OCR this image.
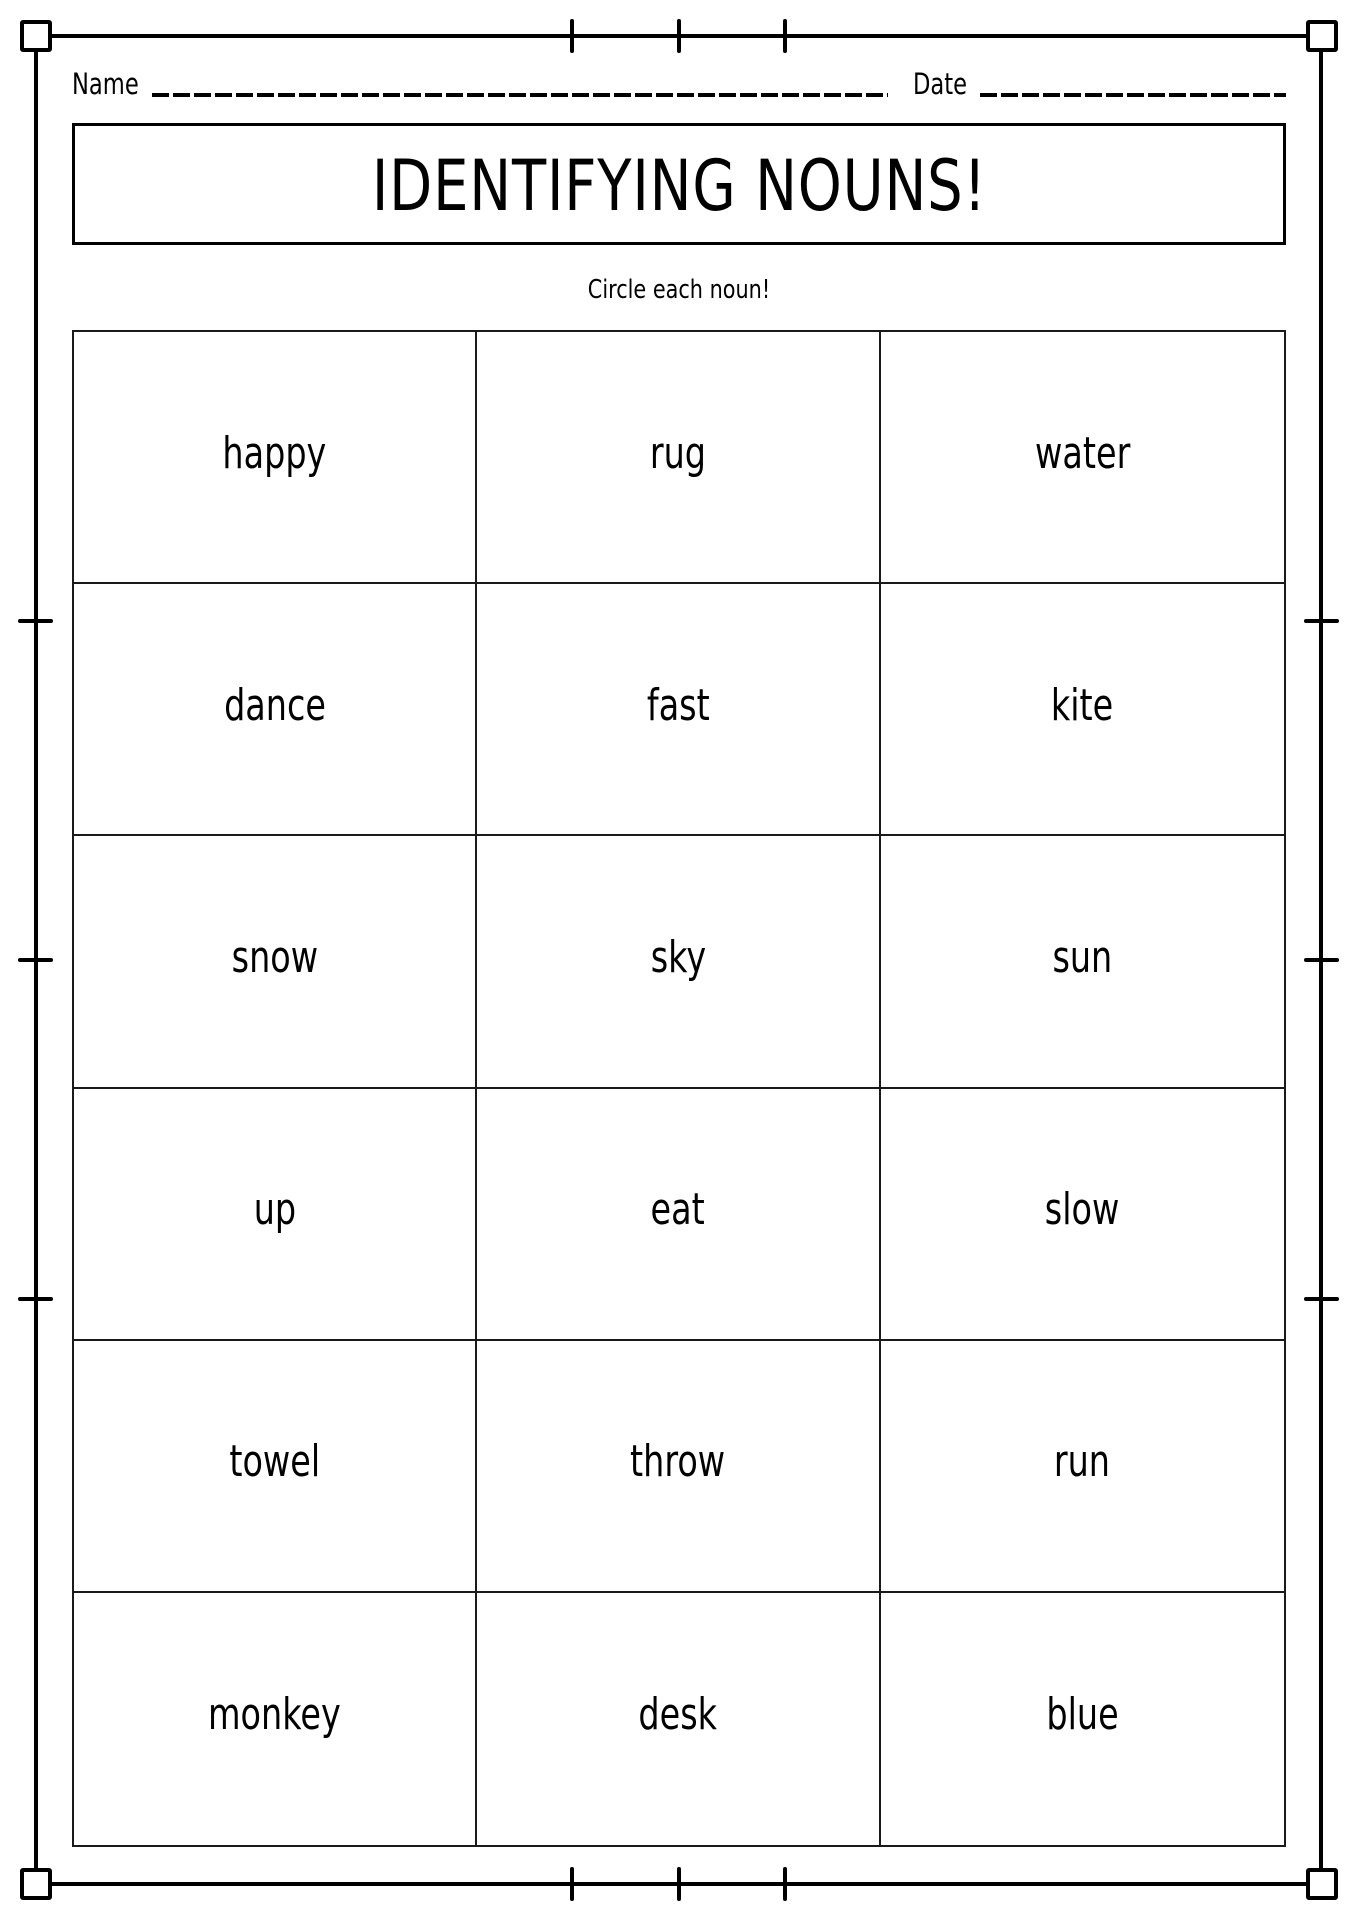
Name	Date
IDENTIFYING NOUNS!
Circle each noun!
happy	rug	water
dance	fast	kite
snow	sky	sun
up	eat	slow
towel	throw	run
monkey	desk	blue
